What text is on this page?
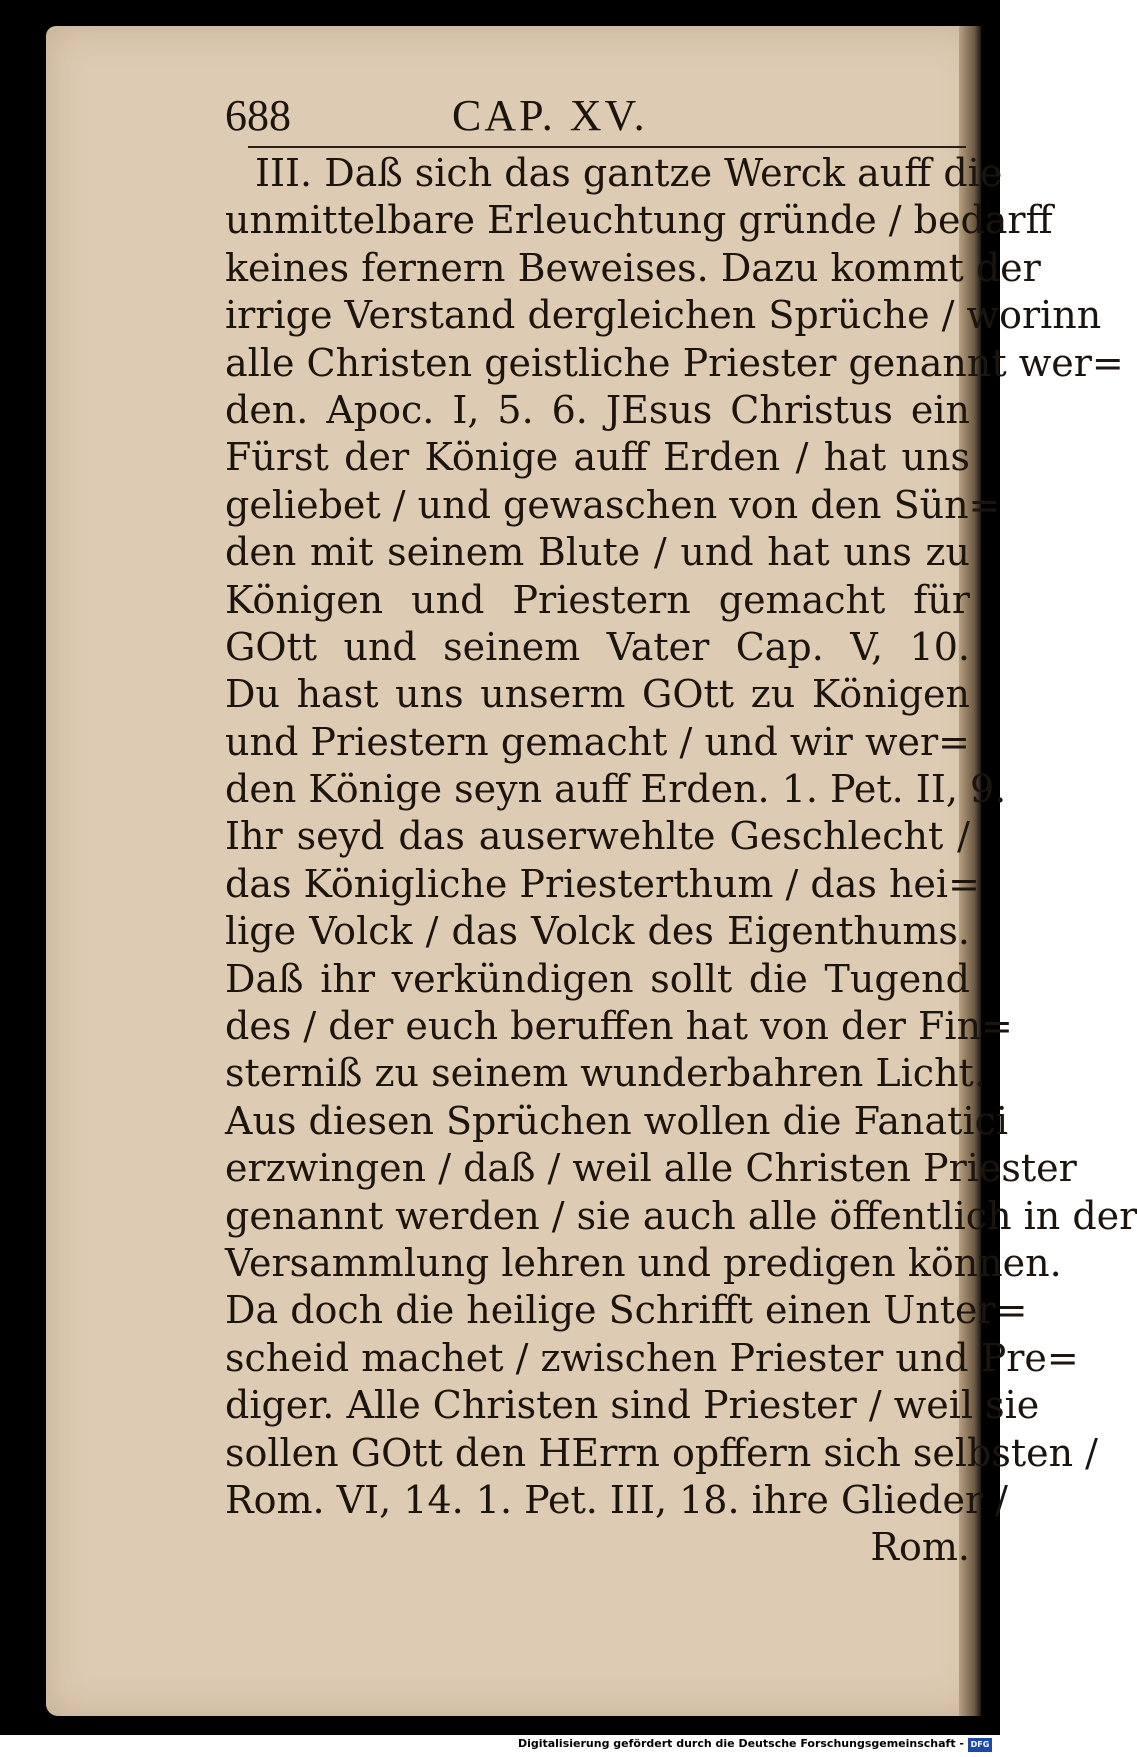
688	CAP. XV.
III. Daß sich das gantze Werck auff die
unmittelbare Erleuchtung gründe / bedarff
keines fernern Beweises. Dazu kommt der
irrige Verstand dergleichen Sprüche / worinn
alle Christen geistliche Priester genannt wer=
den. Apoc. I, 5. 6. JEsus Christus ein
Fürst der Könige auff Erden / hat uns
geliebet / und gewaschen von den Sün=
den mit seinem Blute / und hat uns zu
Königen und Priestern gemacht für
GOtt und seinem Vater Cap. V, 10.
Du hast uns unserm GOtt zu Königen
und Priestern gemacht / und wir wer=
den Könige seyn auff Erden. 1. Pet. II, 9.
Ihr seyd das auserwehlte Geschlecht /
das Königliche Priesterthum / das hei=
lige Volck / das Volck des Eigenthums.
Daß ihr verkündigen sollt die Tugend
des / der euch beruffen hat von der Fin=
sterniß zu seinem wunderbahren Licht.
Aus diesen Sprüchen wollen die Fanatici
erzwingen / daß / weil alle Christen Priester
genannt werden / sie auch alle öffentlich in der
Versammlung lehren und predigen können.
Da doch die heilige Schrifft einen Unter=
scheid machet / zwischen Priester und Pre=
diger. Alle Christen sind Priester / weil sie
sollen GOtt den HErrn opffern sich selbsten /
Rom. VI, 14. 1. Pet. III, 18. ihre Glieder /
Rom.
Digitalisierung gefördert durch die Deutsche Forschungsgemeinschaft - DFG
